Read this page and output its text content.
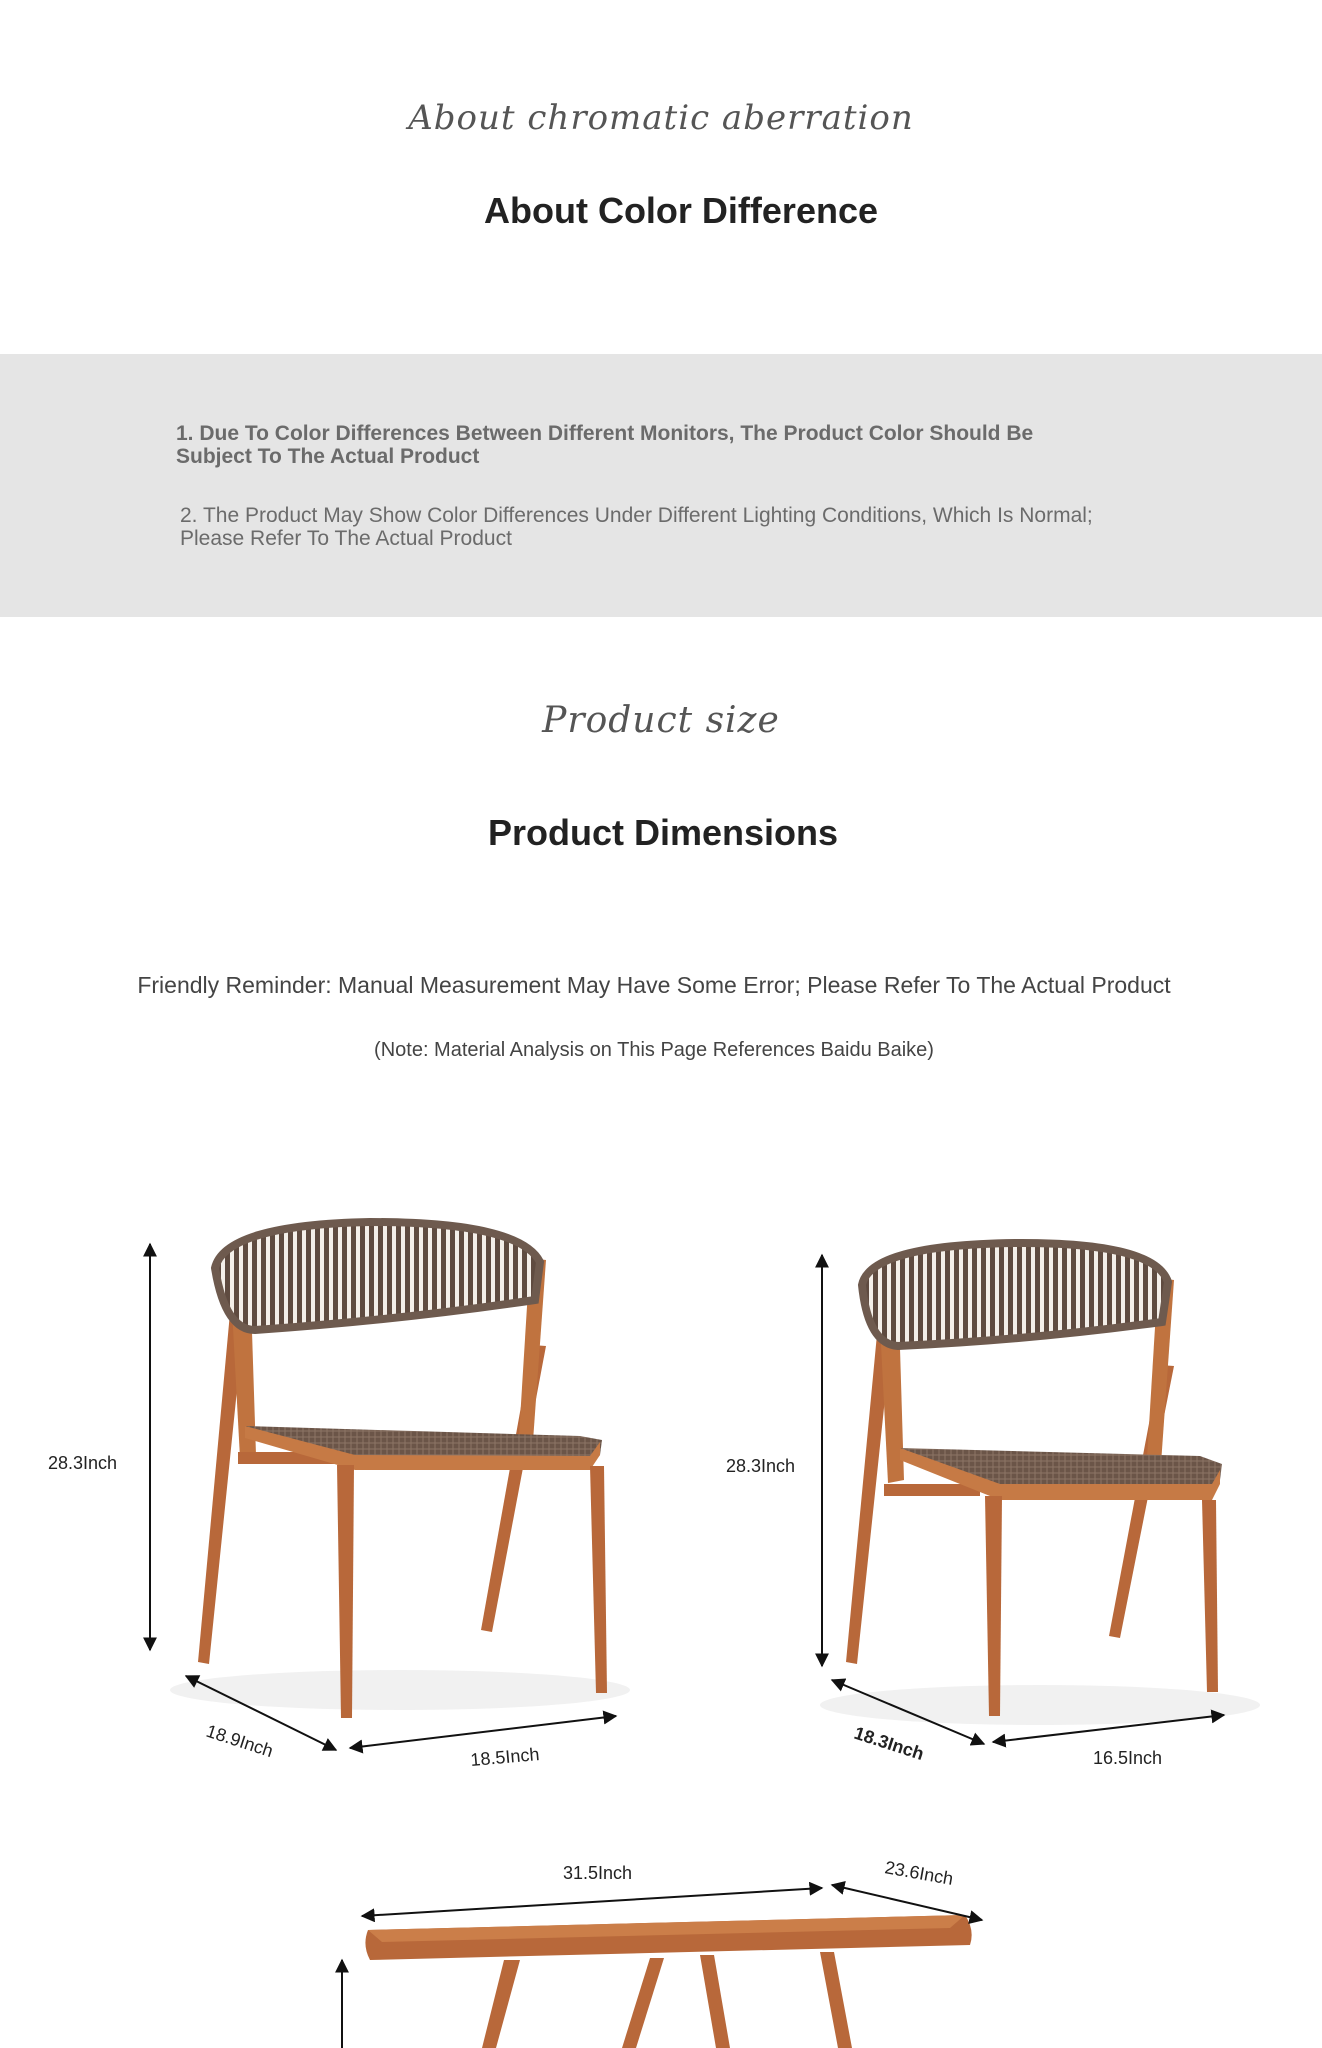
About chromatic aberration
About Color Difference
1. Due To Color Differences Between Different Monitors, The Product Color Should Be Subject To The Actual Product
2. The Product May Show Color Differences Under Different Lighting Conditions, Which Is Normal; Please Refer To The Actual Product
Product size
Product Dimensions
Friendly Reminder: Manual Measurement May Have Some Error; Please Refer To The Actual Product
(Note: Material Analysis on This Page References Baidu Baike)
28.3Inch
18.9Inch	18.5Inch
28.3Inch
18.3Inch	16.5Inch
31.5Inch	23.6Inch
